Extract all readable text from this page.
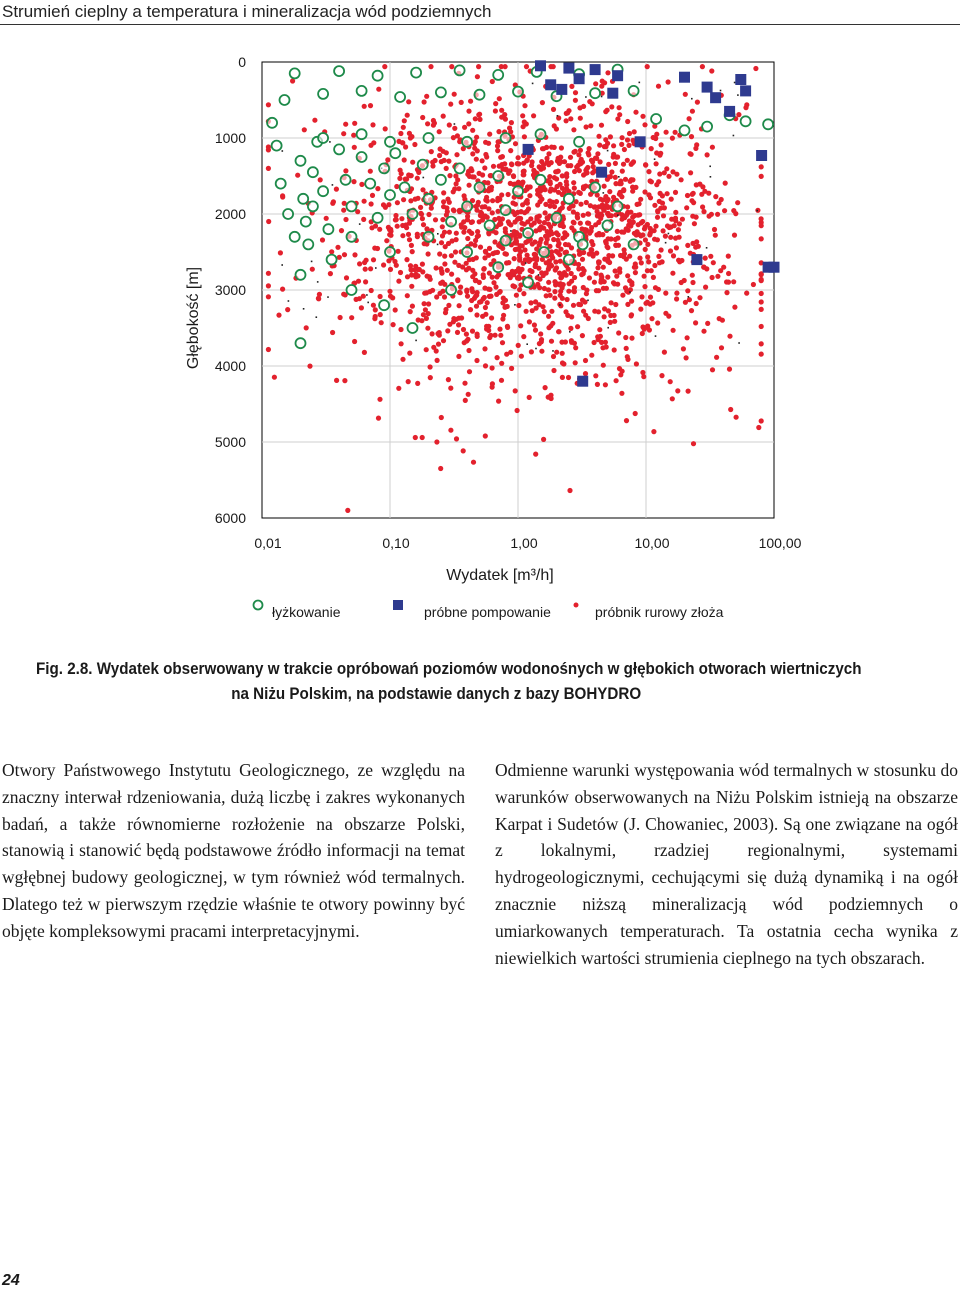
Strumień cieplny a temperatura i mineralizacja wód podziemnych
0,01	0,10	1,00	10,00	100,00
0
1000
2000
3000
4000
5000
6000
Wydatek [m³/h]
Głębokość [m]
łyżkowanie	próbne pompowanie	próbnik rurowy złoża
Fig. 2.8. Wydatek obserwowany w trakcie opróbowań poziomów wodonośnych w głębokich otworach wiertniczych
na Niżu Polskim, na podstawie danych z bazy BOHYDRO

Otwory Państwowego Instytutu Geologicznego, ze względu na znaczny interwał rdzeniowania, dużą liczbę i zakres wykonanych badań, a także równomierne rozłożenie na obszarze Polski, stanowią i stanowić będą podstawowe źródło informacji na temat wgłębnej budowy geologicznej, w tym również wód termalnych. Dlatego też w pierwszym rzędzie właśnie te otwory powinny być objęte kompleksowymi pracami interpretacyjnymi.

Odmienne warunki występowania wód termalnych w stosunku do warunków obserwowanych na Niżu Polskim istnieją na obszarze Karpat i Sudetów (J. Chowaniec, 2003). Są one związane na ogół z lokalnymi, rzadziej regionalnymi, systemami hydrogeologicznymi, cechującymi się dużą dynamiką i na ogół znacznie niższą mineralizacją wód podziemnych o umiarkowanych temperaturach. Ta ostatnia cecha wynika z niewielkich wartości strumienia cieplnego na tych obszarach.

24
